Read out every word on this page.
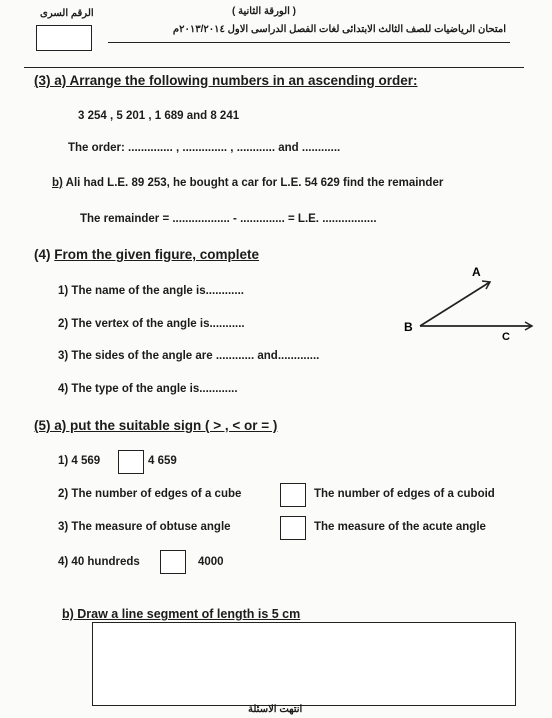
( الورقة الثانية )
الرقم السرى
امتحان الرياضيات للصف الثالث الابتدائى لغات الفصل الدراسى الاول ٢٠١٣/٢٠١٤م
(3) a) Arrange the following numbers in an ascending order:
3 254 , 5 201 , 1 689 and 8 241
The order: .............. , .............. , ............ and ............
b) Ali had L.E. 89 253, he bought a car for L.E. 54 629 find the remainder
The remainder = .................. - .............. = L.E. .................
(4) From the given figure, complete
1) The name of the angle is............
2) The vertex of the angle is...........
3) The sides of the angle are ............ and.............
4) The type of the angle is............
A
B
C
(5) a) put the suitable sign ( > , < or = )
1) 4 569	4 659
2) The number of edges of a cube	The number of edges of a cuboid
3) The measure of obtuse angle	The measure of the acute angle
4) 40 hundreds	4000
b) Draw a line segment of length is 5 cm
انتهت الاسئلة
